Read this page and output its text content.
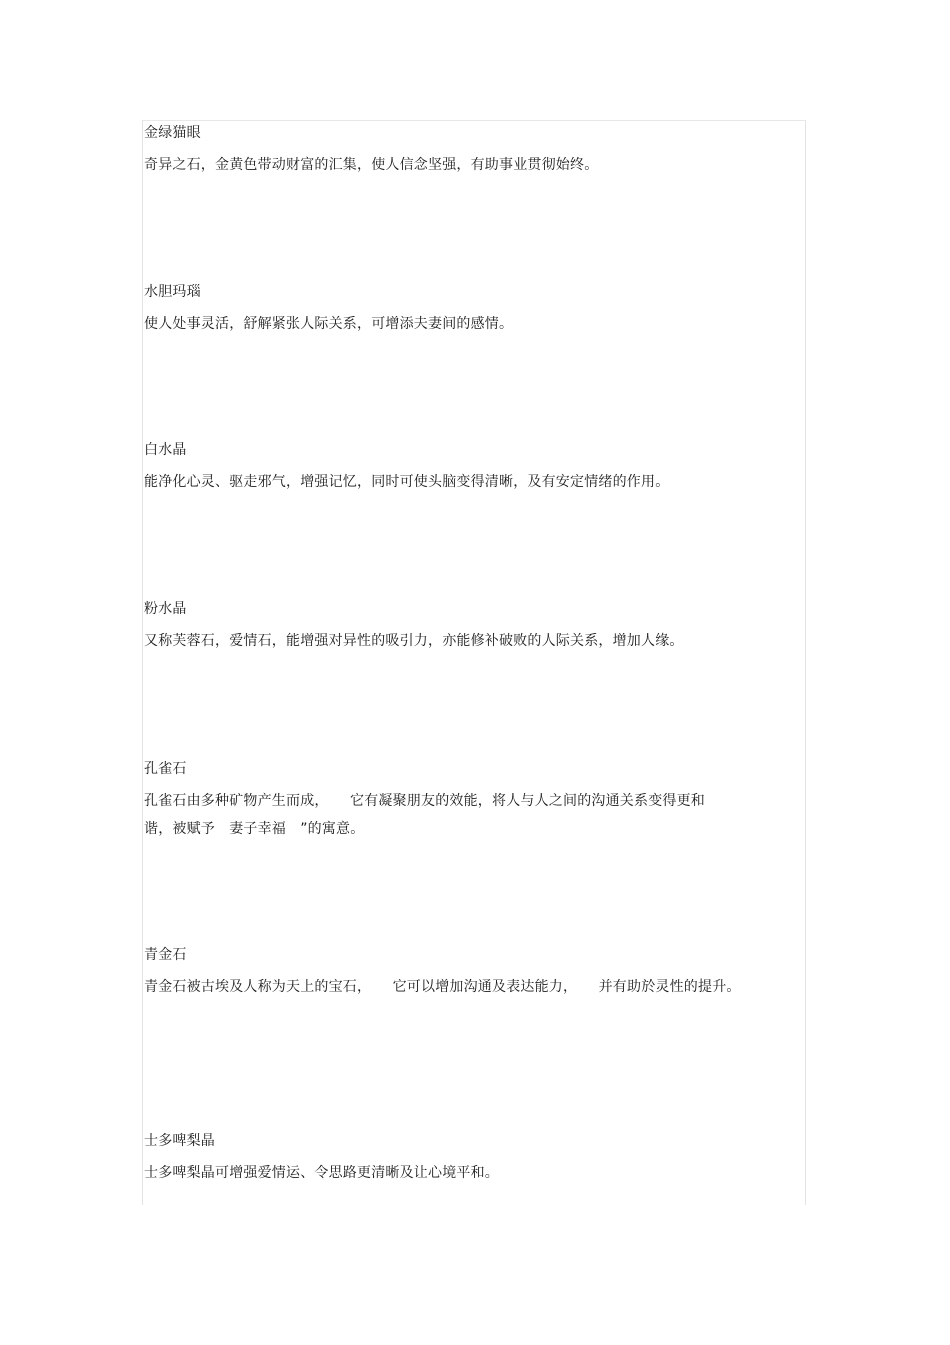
金绿猫眼
奇异之石，金黄色带动财富的汇集，使人信念坚强，有助事业贯彻始终。
水胆玛瑙
使人处事灵活，舒解紧张人际关系，可增添夫妻间的感情。
白水晶
能净化心灵、驱走邪气，增强记忆，同时可使头脑变得清晰，及有安定情绪的作用。
粉水晶
又称芙蓉石，爱情石，能增强对异性的吸引力，亦能修补破败的人际关系，增加人缘。
孔雀石
孔雀石由多种矿物产生而成，　　它有凝聚朋友的效能，将人与人之间的沟通关系变得更和
谐，被赋予　妻子幸福　”的寓意。
青金石
青金石被古埃及人称为天上的宝石，　　它可以增加沟通及表达能力，　　并有助於灵性的提升。
士多啤梨晶
士多啤梨晶可增强爱情运、令思路更清晰及让心境平和。
